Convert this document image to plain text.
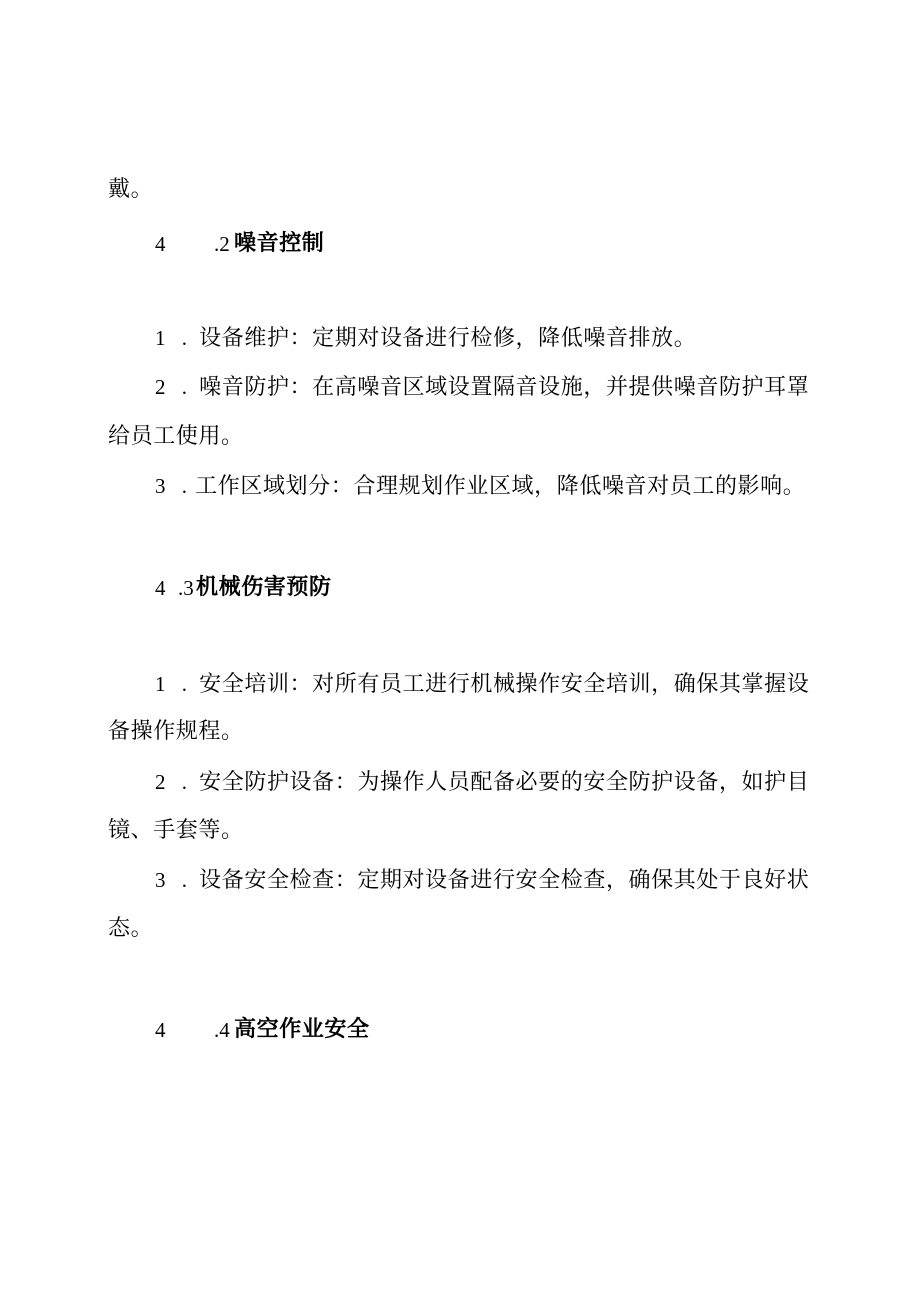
戴。
4 .2 噪音控制
1 . 设备维护：定期对设备进行检修，降低噪音排放。
2 . 噪音防护：在高噪音区域设置隔音设施，并提供噪音防护耳罩
给员工使用。
3 . 工作区域划分：合理规划作业区域，降低噪音对员工的影响。
4 .3 机械伤害预防
1 . 安全培训：对所有员工进行机械操作安全培训，确保其掌握设
备操作规程。
2 . 安全防护设备：为操作人员配备必要的安全防护设备，如护目
镜、手套等。
3 . 设备安全检查：定期对设备进行安全检查，确保其处于良好状
态。
4 .4 高空作业安全
